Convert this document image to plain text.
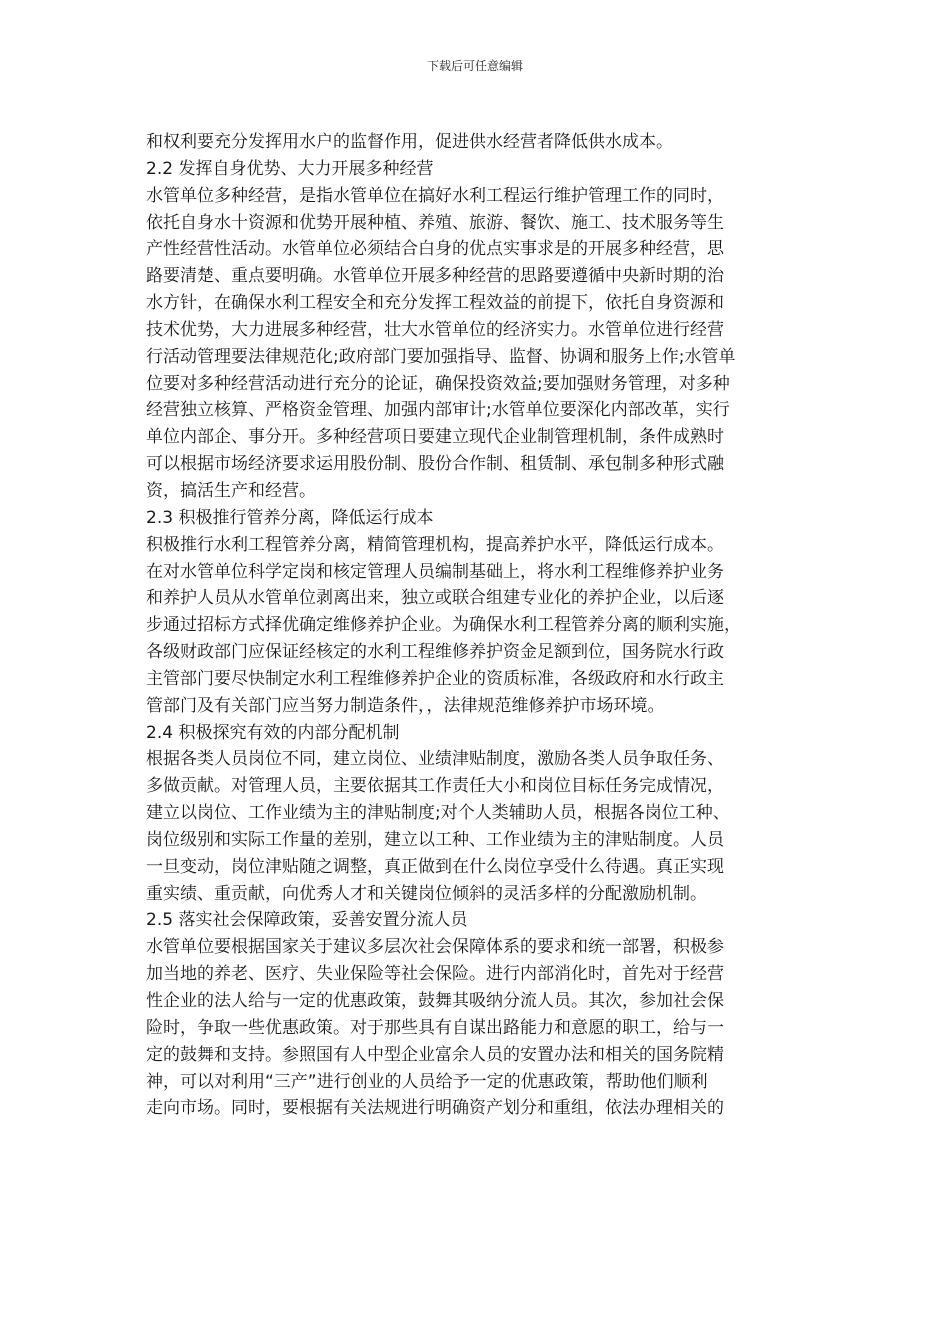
下载后可任意编辑
和权利要充分发挥用水户的监督作用，促进供水经营者降低供水成本。
2.2 发挥自身优势、大力开展多种经营
水管单位多种经营，是指水管单位在搞好水利工程运行维护管理工作的同时，
依托自身水十资源和优势开展种植、养殖、旅游、餐饮、施工、技术服务等生
产性经营性活动。水管单位必须结合白身的优点实事求是的开展多种经营，思
路要清楚、重点要明确。水管单位开展多种经营的思路要遵循中央新时期的治
水方针，在确保水利工程安全和充分发挥工程效益的前提下，依托自身资源和
技术优势，大力进展多种经营，壮大水管单位的经济实力。水管单位进行经营
行活动管理要法律规范化;政府部门要加强指导、监督、协调和服务上作;水管单
位要对多种经营活动进行充分的论证，确保投资效益;要加强财务管理，对多种
经营独立核算、严格资金管理、加强内部审计;水管单位要深化内部改革，实行
单位内部企、事分开。多种经营项日要建立现代企业制管理机制，条件成熟时
可以根据市场经济要求运用股份制、股份合作制、租赁制、承包制多种形式融
资，搞活生产和经营。
2.3 积极推行管养分离，降低运行成本
积极推行水利工程管养分离，精简管理机构，提高养护水平，降低运行成本。
在对水管单位科学定岗和核定管理人员编制基础上，将水利工程维修养护业务
和养护人员从水管单位剥离出来，独立或联合组建专业化的养护企业，以后逐
步通过招标方式择优确定维修养护企业。为确保水利工程管养分离的顺利实施，
各级财政部门应保证经核定的水利工程维修养护资金足额到位，国务院水行政
主管部门要尽快制定水利工程维修养护企业的资质标准，各级政府和水行政主
管部门及有关部门应当努力制造条件，，法律规范维修养护市场环境。
2.4 积极探究有效的内部分配机制
根据各类人员岗位不同，建立岗位、业绩津贴制度，激励各类人员争取任务、
多做贡献。对管理人员，主要依据其工作责任大小和岗位目标任务完成情况，
建立以岗位、工作业绩为主的津贴制度;对个人类辅助人员，根据各岗位工种、
岗位级别和实际工作量的差别，建立以工种、工作业绩为主的津贴制度。人员
一旦变动，岗位津贴随之调整，真正做到在什么岗位享受什么待遇。真正实现
重实绩、重贡献，向优秀人才和关键岗位倾斜的灵活多样的分配激励机制。
2.5 落实社会保障政策，妥善安置分流人员
水管单位要根据国家关于建议多层次社会保障体系的要求和统一部署，积极参
加当地的养老、医疗、失业保险等社会保险。进行内部消化时，首先对于经营
性企业的法人给与一定的优惠政策，鼓舞其吸纳分流人员。其次，参加社会保
险时，争取一些优惠政策。对于那些具有自谋出路能力和意愿的职工，给与一
定的鼓舞和支持。参照国有人中型企业富余人员的安置办法和相关的国务院精
神，可以对利用“三产”进行创业的人员给予一定的优惠政策，帮助他们顺利
走向市场。同时，要根据有关法规进行明确资产划分和重组，依法办理相关的
